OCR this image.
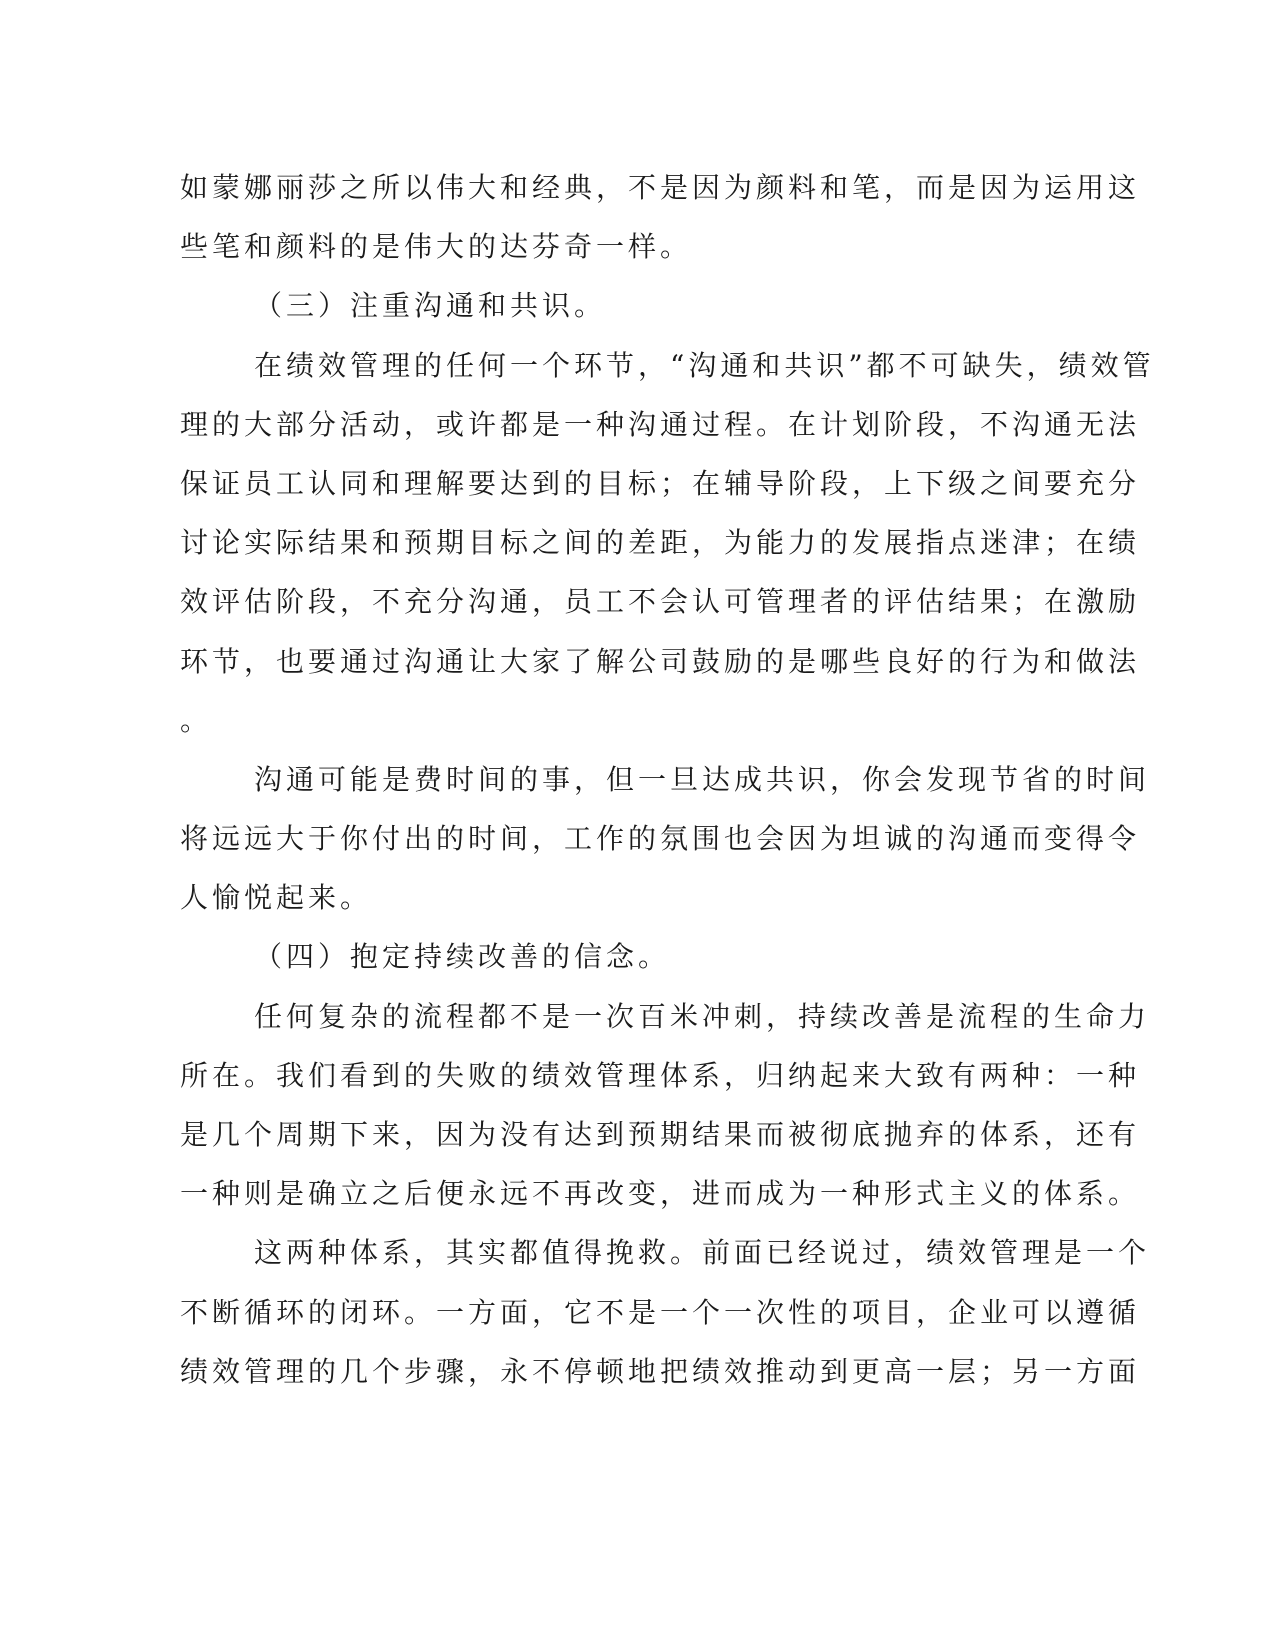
如蒙娜丽莎之所以伟大和经典，不是因为颜料和笔，而是因为运用这
些笔和颜料的是伟大的达芬奇一样。
（三）注重沟通和共识。
在绩效管理的任何一个环节，“沟通和共识”都不可缺失，绩效管
理的大部分活动，或许都是一种沟通过程。在计划阶段，不沟通无法
保证员工认同和理解要达到的目标；在辅导阶段，上下级之间要充分
讨论实际结果和预期目标之间的差距，为能力的发展指点迷津；在绩
效评估阶段，不充分沟通，员工不会认可管理者的评估结果；在激励
环节，也要通过沟通让大家了解公司鼓励的是哪些良好的行为和做法
。
沟通可能是费时间的事，但一旦达成共识，你会发现节省的时间
将远远大于你付出的时间，工作的氛围也会因为坦诚的沟通而变得令
人愉悦起来。
（四）抱定持续改善的信念。
任何复杂的流程都不是一次百米冲刺，持续改善是流程的生命力
所在。我们看到的失败的绩效管理体系，归纳起来大致有两种：一种
是几个周期下来，因为没有达到预期结果而被彻底抛弃的体系，还有
一种则是确立之后便永远不再改变，进而成为一种形式主义的体系。
这两种体系，其实都值得挽救。前面已经说过，绩效管理是一个
不断循环的闭环。一方面，它不是一个一次性的项目，企业可以遵循
绩效管理的几个步骤，永不停顿地把绩效推动到更高一层；另一方面
